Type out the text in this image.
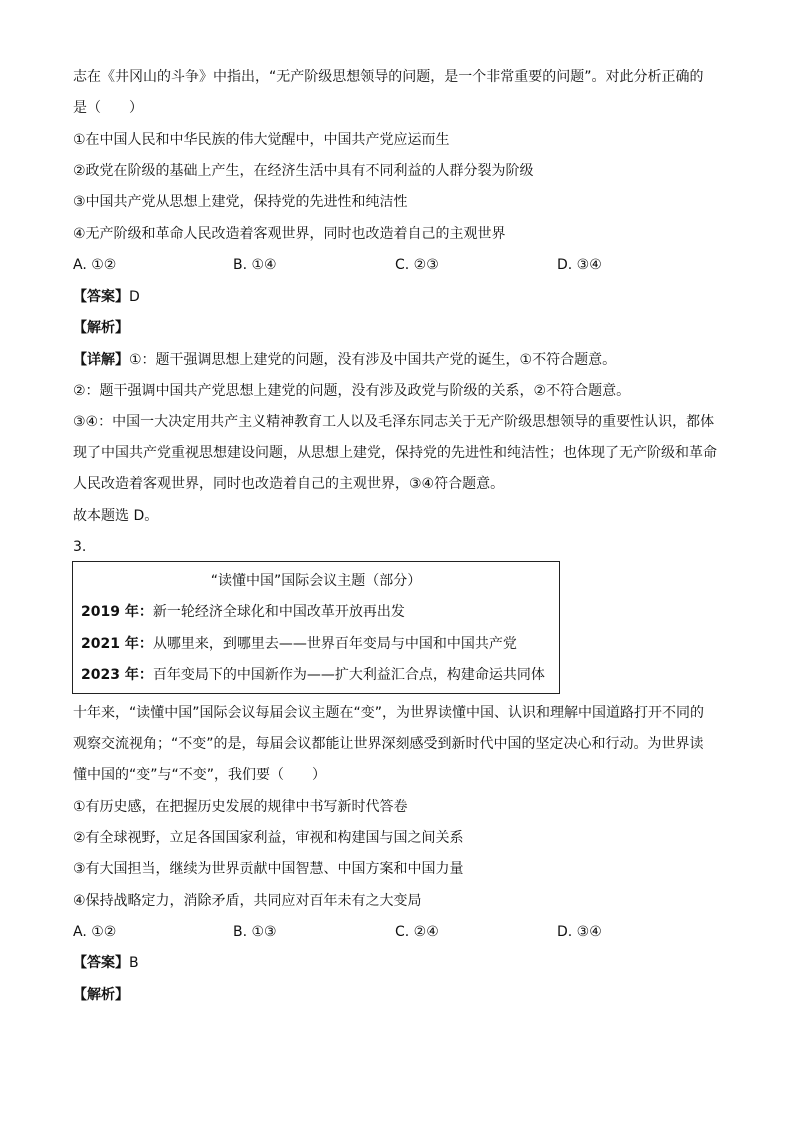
志在《井冈山的斗争》中指出，“无产阶级思想领导的问题，是一个非常重要的问题”。对此分析正确的
是（　　）
①在中国人民和中华民族的伟大觉醒中，中国共产党应运而生
②政党在阶级的基础上产生，在经济生活中具有不同利益的人群分裂为阶级
③中国共产党从思想上建党，保持党的先进性和纯洁性
④无产阶级和革命人民改造着客观世界，同时也改造着自己的主观世界
A. ①②	B. ①④	C. ②③	D. ③④
【答案】D
【解析】
【详解】①：题干强调思想上建党的问题，没有涉及中国共产党的诞生，①不符合题意。
②：题干强调中国共产党思想上建党的问题，没有涉及政党与阶级的关系，②不符合题意。
③④：中国一大决定用共产主义精神教育工人以及毛泽东同志关于无产阶级思想领导的重要性认识，都体
现了中国共产党重视思想建设问题，从思想上建党，保持党的先进性和纯洁性；也体现了无产阶级和革命
人民改造着客观世界，同时也改造着自己的主观世界，③④符合题意。
故本题选 D。
3.
“读懂中国”国际会议主题（部分）
2019 年：新一轮经济全球化和中国改革开放再出发
2021 年：从哪里来，到哪里去——世界百年变局与中国和中国共产党
2023 年：百年变局下的中国新作为——扩大利益汇合点，构建命运共同体
十年来，“读懂中国”国际会议每届会议主题在“变”，为世界读懂中国、认识和理解中国道路打开不同的
观察交流视角；“不变”的是，每届会议都能让世界深刻感受到新时代中国的坚定决心和行动。为世界读
懂中国的“变”与“不变”，我们要（　　）
①有历史感，在把握历史发展的规律中书写新时代答卷
②有全球视野，立足各国国家利益，审视和构建国与国之间关系
③有大国担当，继续为世界贡献中国智慧、中国方案和中国力量
④保持战略定力，消除矛盾，共同应对百年未有之大变局
A. ①②	B. ①③	C. ②④	D. ③④
【答案】B
【解析】
